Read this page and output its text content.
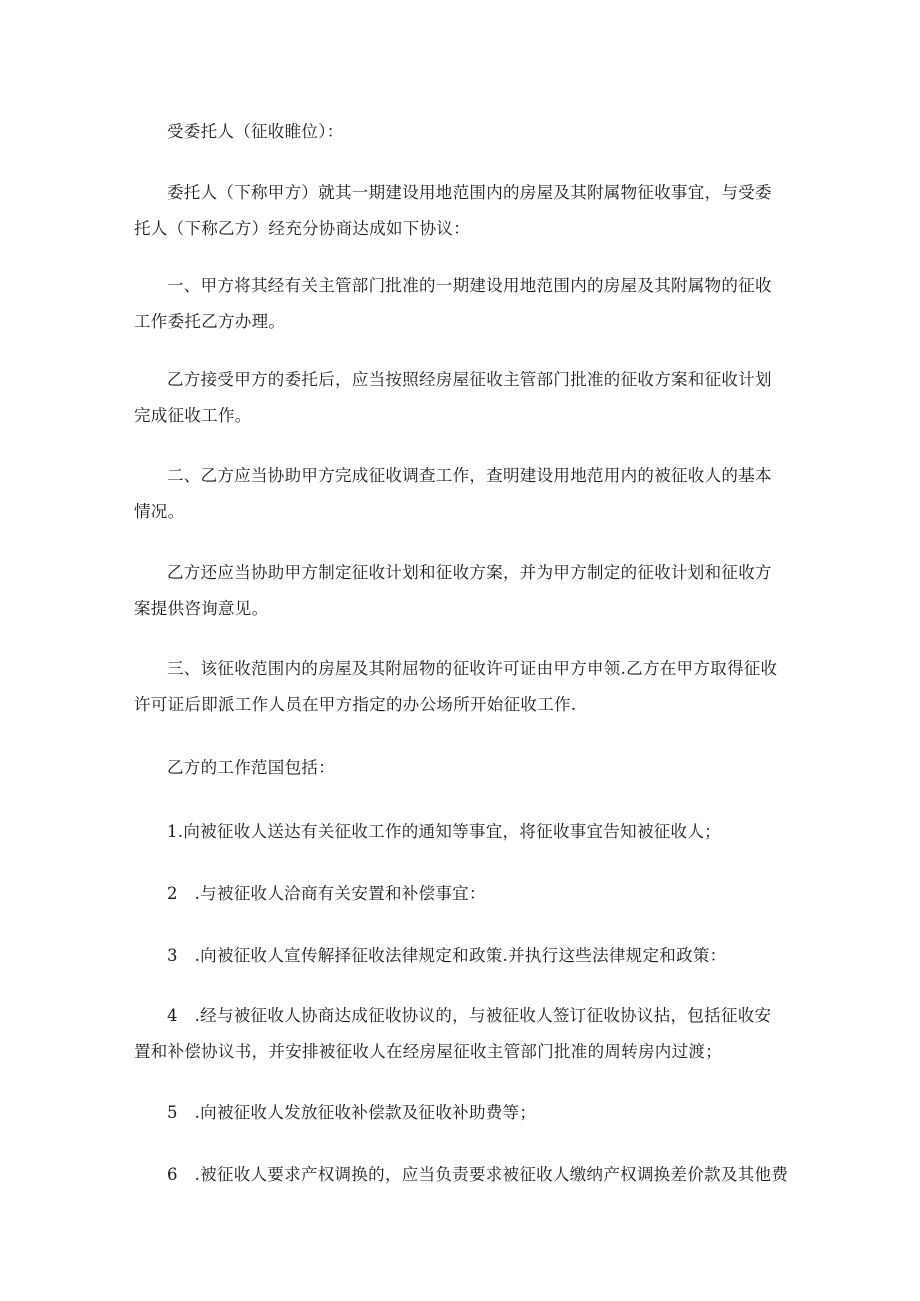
受委托人（征收睢位）：

委托人（下称甲方）就其一期建设用地范围内的房屋及其附属物征收事宜，与受委
托人（下称乙方）经充分协商达成如下协议：

一、甲方将其经有关主管部门批准的一期建设用地范围内的房屋及其附属物的征收
工作委托乙方办理。

乙方接受甲方的委托后，应当按照经房屋征收主管部门批准的征收方案和征收计划
完成征收工作。

二、乙方应当协助甲方完成征收调查工作，查明建设用地范用内的被征收人的基本
情况。

乙方还应当协助甲方制定征收计划和征收方案，并为甲方制定的征收计划和征收方
案提供咨询意见。

三、该征收范围内的房屋及其附屈物的征收许可证由甲方申领.乙方在甲方取得征收
许可证后即派工作人员在甲方指定的办公场所开始征收工作.

乙方的工作范国包括：

1.向被征收人送达有关征收工作的通知等事宜，将征收事宜告知被征收人；

2　.与被征收人洽商有关安置和补偿事宜：

3　.向被征收人宣传解择征收法律规定和政策.并执行这些法律规定和政策：

4　.经与被征收人协商达成征收协议的，与被征收人签订征收协议拈，包括征收安
置和补偿协议书，并安排被征收人在经房屋征收主管部门批准的周转房内过渡；

5　.向被征收人发放征收补偿款及征收补助费等；

6　.被征收人要求产权调换的，应当负责要求被征收人缴纳产权调换差价款及其他费
